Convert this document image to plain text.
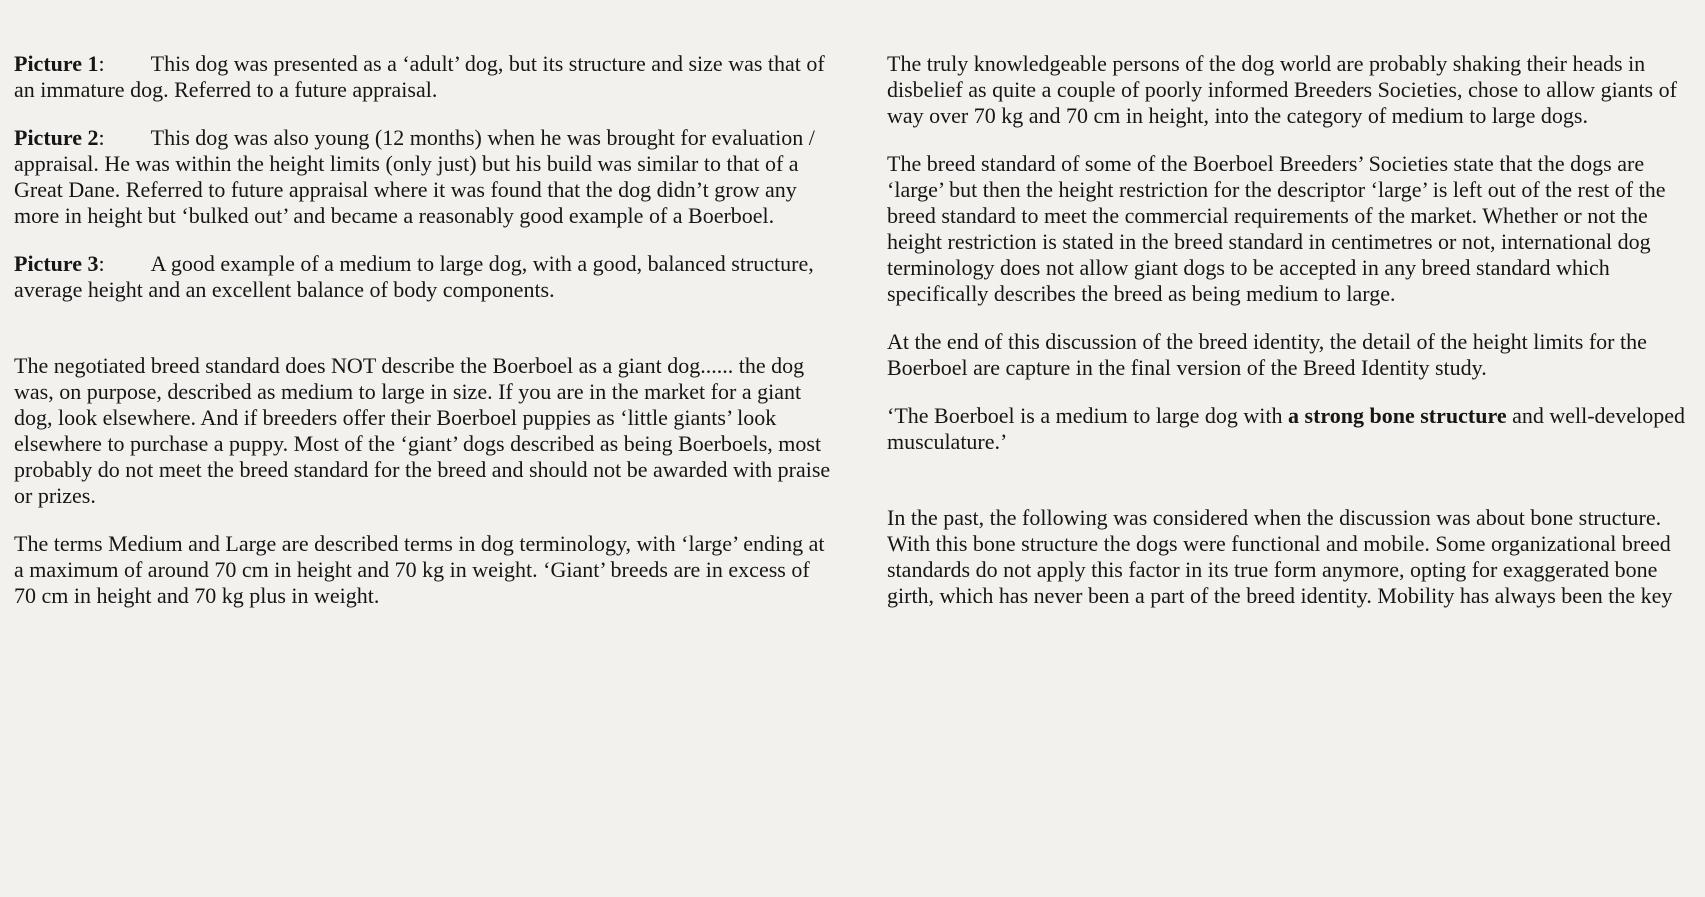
Picture 1: This dog was presented as a ‘adult’ dog, but its structure and size was that of an immature dog. Referred to a future appraisal.

Picture 2: This dog was also young (12 months) when he was brought for evaluation / appraisal. He was within the height limits (only just) but his build was similar to that of a Great Dane. Referred to future appraisal where it was found that the dog didn’t grow any more in height but ‘bulked out’ and became a reasonably good example of a Boerboel.

Picture 3: A good example of a medium to large dog, with a good, balanced structure, average height and an excellent balance of body components.

The negotiated breed standard does NOT describe the Boerboel as a giant dog...... the dog was, on purpose, described as medium to large in size. If you are in the market for a giant dog, look elsewhere. And if breeders offer their Boerboel puppies as ‘little giants’ look elsewhere to purchase a puppy. Most of the ‘giant’ dogs described as being Boerboels, most probably do not meet the breed standard for the breed and should not be awarded with praise or prizes.

The terms Medium and Large are described terms in dog terminology, with ‘large’ ending at a maximum of around 70 cm in height and 70 kg in weight. ‘Giant’ breeds are in excess of 70 cm in height and 70 kg plus in weight.

The truly knowledgeable persons of the dog world are probably shaking their heads in disbelief as quite a couple of poorly informed Breeders Societies, chose to allow giants of way over 70 kg and 70 cm in height, into the category of medium to large dogs.

The breed standard of some of the Boerboel Breeders’ Societies state that the dogs are ‘large’ but then the height restriction for the descriptor ‘large’ is left out of the rest of the breed standard to meet the commercial requirements of the market. Whether or not the height restriction is stated in the breed standard in centimetres or not, international dog terminology does not allow giant dogs to be accepted in any breed standard which specifically describes the breed as being medium to large.

At the end of this discussion of the breed identity, the detail of the height limits for the Boerboel are capture in the final version of the Breed Identity study.

‘The Boerboel is a medium to large dog with a strong bone structure and well-developed musculature.’

In the past, the following was considered when the discussion was about bone structure. With this bone structure the dogs were functional and mobile. Some organizational breed standards do not apply this factor in its true form anymore, opting for exaggerated bone girth, which has never been a part of the breed identity. Mobility has always been the key
